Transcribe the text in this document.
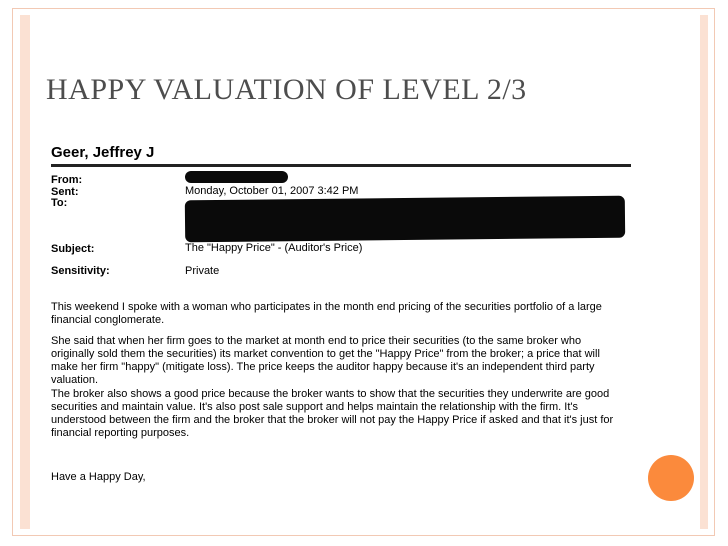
HAPPY VALUATION OF LEVEL 2/3
Geer, Jeffrey J
From:
Sent:
To:
Monday, October 01, 2007 3:42 PM
Subject:	The "Happy Price" - (Auditor's Price)
Sensitivity:	Private
This weekend I spoke with a woman who participates in the month end pricing of the securities portfolio of a large financial conglomerate.
She said that when her firm goes to the market at month end to price their securities (to the same broker who originally sold them the securities) its market convention to get the "Happy Price" from the broker; a price that will make her firm "happy" (mitigate loss). The price keeps the auditor happy because it's an independent third party valuation.
The broker also shows a good price because the broker wants to show that the securities they underwrite are good securities and maintain value. It's also post sale support and helps maintain the relationship with the firm. It's understood between the firm and the broker that the broker will not pay the Happy Price if asked and that it's just for financial reporting purposes.
Have a Happy Day,
